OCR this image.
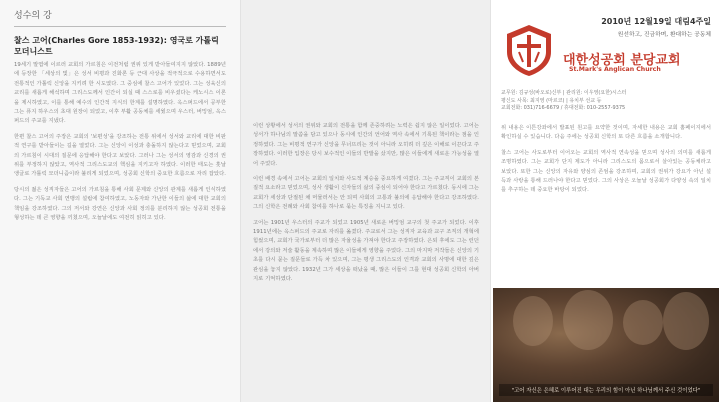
성수의 강
찰스 고어(Charles Gore 1853-1932): 영국로 가톨릭 모더니스트

19세기 말엽에 이르러 교회의 가르침은 이전처럼 권위 있게 받아들여지지 않았다. 1889년에 등장한 「세상의 빛」은 성서 비평과 진화론 등 근대 사상을 적극적으로 수용하면서도 전통적인 가톨릭 신앙을 지키려 한 시도였다. 그 중심에 찰스 고어가 있었다. 그는 성육신의 교리를 새롭게 해석하며 그리스도께서 인간이 되실 때 스스로를 비우셨다는 케노시스 이론을 제시하였고, 이를 통해 예수의 인간적 지식의 한계를 설명하였다. 옥스퍼드에서 공부한 그는 퓨지 하우스의 초대 원장이 되었고, 이후 부활 공동체를 세웠으며 우스터, 버밍엄, 옥스퍼드의 주교를 지냈다.

한편 찰스 고어의 주장은 교회의 '보편성'을 강조하는 전통 위에서 성서와 교리에 대한 비판적 연구를 받아들이는 길을 열었다. 그는 신앙이 이성과 충돌하지 않는다고 믿었으며, 교회의 가르침이 시대의 질문에 응답해야 한다고 보았다. 그러나 그는 성서의 영감과 신경의 권위를 부정하지 않았고, 역사적 그리스도교의 핵심을 지키고자 하였다. 이러한 태도는 훗날 앵글로 가톨릭 모더니즘이라 불리게 되었으며, 성공회 신학의 중요한 흐름으로 자리 잡았다.

당시의 젊은 성직자들은 고어의 가르침을 통해 사회 문제와 신앙의 관계를 새롭게 인식하였다. 그는 기독교 사회 연맹의 설립에 참여하였고, 노동자와 가난한 이들의 삶에 대한 교회의 책임을 강조하였다. 그의 저서와 강연은 신앙과 사회 정의를 분리하지 않는 성공회 전통을 형성하는 데 큰 영향을 끼쳤으며, 오늘날에도 여전히 읽히고 있다.

이런 상황에서 성서의 권위와 교회의 전통을 함께 존중하려는 노력은 쉽지 않은 일이었다. 고어는 성서가 하나님의 말씀을 담고 있으나 동시에 인간의 언어와 역사 속에서 기록된 책이라는 점을 인정하였다. 그는 비평적 연구가 신앙을 무너뜨리는 것이 아니라 오히려 더 깊은 이해로 이끈다고 주장하였다. 이러한 입장은 당시 보수적인 이들의 반발을 샀지만, 많은 이들에게 새로운 가능성을 열어 주었다.

이런 배경 속에서 고어는 교회의 일치와 사도적 계승을 중요하게 여겼다. 그는 주교직이 교회의 본질적 요소라고 믿었으며, 성사 생활이 신자들의 삶의 중심이 되어야 한다고 가르쳤다. 동시에 그는 교회가 세상과 단절된 채 머물러서는 안 되며 사회의 고통과 불의에 응답해야 한다고 강조하였다. 그의 신학은 전례와 사회 참여를 하나로 묶는 특징을 지니고 있다.

고어는 1901년 우스터의 주교가 되었고 1905년 새로운 버밍엄 교구의 첫 주교가 되었다. 이후 1911년에는 옥스퍼드의 주교로 자리를 옮겼다. 주교로서 그는 성직자 교육과 교구 조직의 개혁에 힘썼으며, 교회가 국가로부터 더 많은 자율성을 가져야 한다고 주장하였다. 은퇴 후에도 그는 런던에서 강의와 저술 활동을 계속하며 많은 이들에게 영향을 주었다. 그의 마지막 저작들은 신앙의 기초를 다시 묻는 질문들로 가득 차 있으며, 그는 평생 그리스도의 인격과 교회의 사명에 대한 깊은 관심을 놓지 않았다. 1932년 그가 세상을 떠났을 때, 많은 이들이 그를 현대 성공회 신학의 아버지로 기억하였다.

2010년 12월19일 대림4주일
원선하고, 진금하며, 환대하는 공동체
대한성공회 분당교회
St.Mark's Anglican Church
교무원: 김규성(바오로)신부 | 관리원: 이우영(요한)시스터
평신도 사목: 최지영 (마르코) | 유치부 선교 등
교회전화: 031)716-6679 / 휴대전화: 010-2557-9375

위 내용은 이튼강좌에서 발표된 원고를 요약한 것이며, 자세한 내용은 교회 홈페이지에서 확인하실 수 있습니다. 다음 주에는 성공회 신학의 또 다른 흐름을 소개합니다.

찰스 고어는 사도로부터 이어오는 교회의 역사적 연속성을 믿으며 성사의 의미를 새롭게 조명하였다. 그는 교회가 단지 제도가 아니라 그리스도의 몸으로서 살아있는 공동체라고 보았다. 또한 그는 신앙의 자유와 양심의 존엄을 강조하며, 교회의 권위가 강요가 아닌 설득과 사랑을 통해 드러나야 한다고 믿었다. 그의 사상은 오늘날 성공회가 다양성 속의 일치를 추구하는 데 중요한 바탕이 되었다.

"고어 자신은 은혜로 이루어진 대는 우리의 힘이 아닌 하나님께서 주신 것이었다"
